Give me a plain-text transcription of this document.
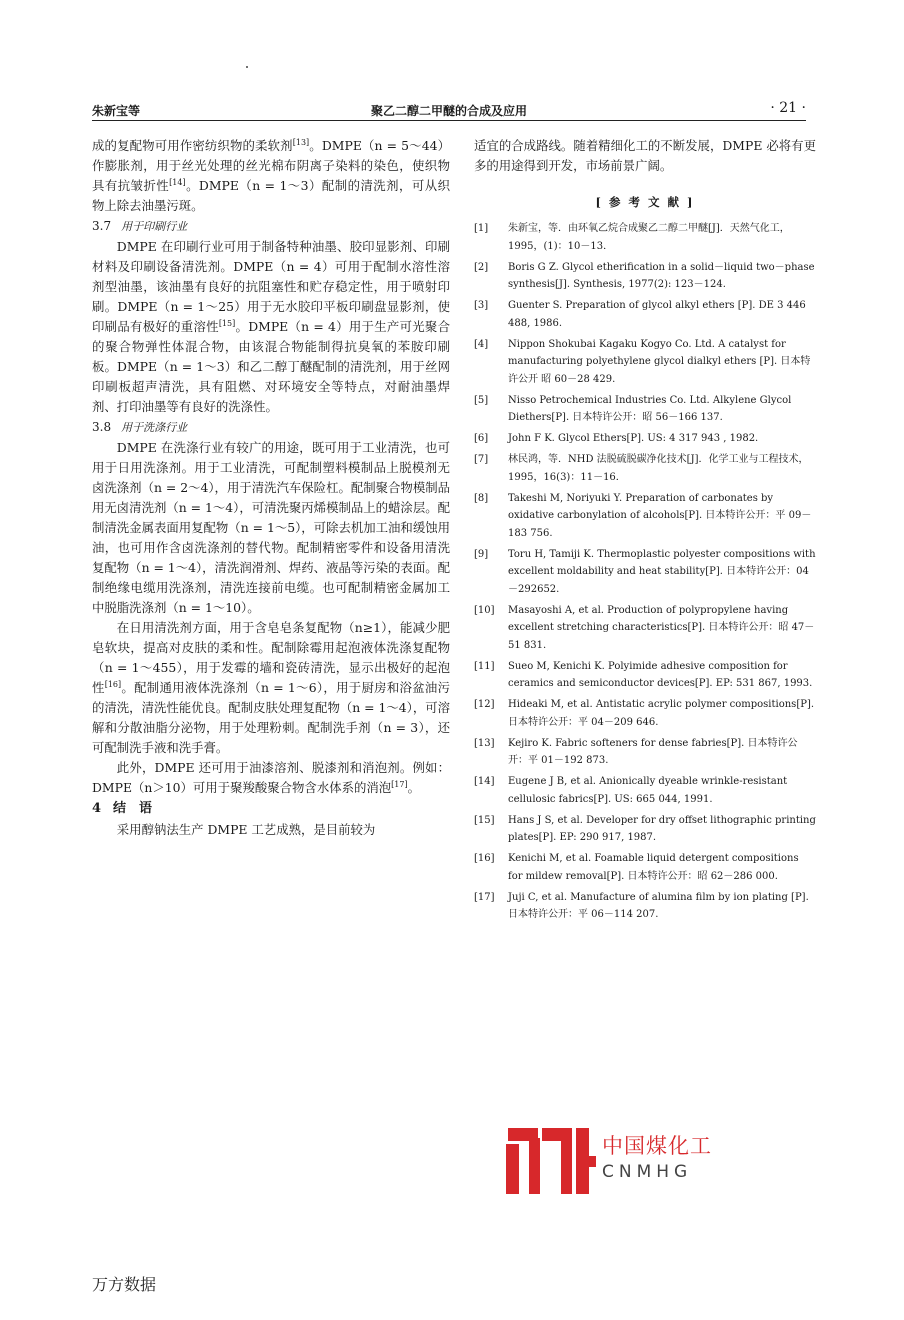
朱新宝等	聚乙二醇二甲醚的合成及应用	· 21 ·

成的复配物可用作密纺织物的柔软剂[13]。DMPE（n = 5～44）作膨胀剂，用于丝光处理的丝光棉布阴离子染料的染色，使织物具有抗皱折性[14]。DMPE（n = 1～3）配制的清洗剂，可从织物上除去油墨污斑。

3.7 用于印刷行业

DMPE 在印刷行业可用于制备特种油墨、胶印显影剂、印刷材料及印刷设备清洗剂。DMPE（n = 4）可用于配制水溶性溶剂型油墨，该油墨有良好的抗阻塞性和贮存稳定性，用于喷射印刷。DMPE（n = 1～25）用于无水胶印平板印刷盘显影剂，使印刷品有极好的重溶性[15]。DMPE（n = 4）用于生产可光聚合的聚合物弹性体混合物，由该混合物能制得抗臭氧的苯胺印刷板。DMPE（n = 1～3）和乙二醇丁醚配制的清洗剂，用于丝网印刷板超声清洗，具有阻燃、对环境安全等特点，对耐油墨焊剂、打印油墨等有良好的洗涤性。

3.8 用于洗涤行业

DMPE 在洗涤行业有较广的用途，既可用于工业清洗，也可用于日用洗涤剂。用于工业清洗，可配制塑料模制品上脱模剂无卤洗涤剂（n = 2～4），用于清洗汽车保险杠。配制聚合物模制品用无卤清洗剂（n = 1～4），可清洗聚丙烯模制品上的蜡涂层。配制清洗金属表面用复配物（n = 1～5），可除去机加工油和缓蚀用油，也可用作含卤洗涤剂的替代物。配制精密零件和设备用清洗复配物（n = 1～4），清洗润滑剂、焊药、液晶等污染的表面。配制绝缘电缆用洗涤剂，清洗连接前电缆。也可配制精密金属加工中脱脂洗涤剂（n = 1～10）。

在日用清洗剂方面，用于含皂皂条复配物（n≥1），能减少肥皂软块，提高对皮肤的柔和性。配制除霉用起泡液体洗涤复配物（n = 1～455），用于发霉的墙和瓷砖清洗，显示出极好的起泡性[16]。配制通用液体洗涤剂（n = 1～6），用于厨房和浴盆油污的清洗，清洗性能优良。配制皮肤处理复配物（n = 1～4），可溶解和分散油脂分泌物，用于处理粉刺。配制洗手剂（n = 3），还可配制洗手液和洗手膏。

此外，DMPE 还可用于油漆溶剂、脱漆剂和消泡剂。例如：DMPE（n＞10）可用于聚羧酸聚合物含水体系的消泡[17]。

4 结　语

采用醇钠法生产 DMPE 工艺成熟，是目前较为

适宜的合成路线。随着精细化工的不断发展，DMPE 必将有更多的用途得到开发，市场前景广阔。

[ 参 考 文 献 ]
[1]	朱新宝，等．由环氧乙烷合成聚乙二醇二甲醚[J]．天然气化工，1995，(1)：10－13．
[2]	Boris G Z. Glycol etherification in a solid－liquid two－phase synthesis[J]. Synthesis, 1977(2): 123－124.
[3]	Guenter S. Preparation of glycol alkyl ethers [P]. DE 3 446 488, 1986.
[4]	Nippon Shokubai Kagaku Kogyo Co. Ltd. A catalyst for manufacturing polyethylene glycol dialkyl ethers [P]. 日本特许公开 昭 60－28 429.
[5]	Nisso Petrochemical Industries Co. Ltd. Alkylene Glycol Diethers[P]. 日本特许公开：昭 56－166 137.
[6]	John F K. Glycol Ethers[P]. US: 4 317 943 , 1982.
[7]	林民鸿，等．NHD 法脱硫脱碳净化技术[J]．化学工业与工程技术，1995，16(3)：11－16．
[8]	Takeshi M, Noriyuki Y. Preparation of carbonates by oxidative carbonylation of alcohols[P]. 日本特许公开：平 09－183 756.
[9]	Toru H, Tamiji K. Thermoplastic polyester compositions with excellent moldability and heat stability[P]. 日本特许公开：04－292652.
[10]	Masayoshi A, et al. Production of polypropylene having excellent stretching characteristics[P]. 日本特许公开：昭 47－51 831.
[11]	Sueo M, Kenichi K. Polyimide adhesive composition for ceramics and semiconductor devices[P]. EP: 531 867, 1993.
[12]	Hideaki M, et al. Antistatic acrylic polymer compositions[P]. 日本特许公开：平 04－209 646.
[13]	Kejiro K. Fabric softeners for dense fabries[P]. 日本特许公开：平 01－192 873.
[14]	Eugene J B, et al. Anionically dyeable wrinkle-resistant cellulosic fabrics[P]. US: 665 044, 1991.
[15]	Hans J S, et al. Developer for dry offset lithographic printing plates[P]. EP: 290 917, 1987.
[16]	Kenichi M, et al. Foamable liquid detergent compositions for mildew removal[P]. 日本特许公开：昭 62－286 000.
[17]	Juji C, et al. Manufacture of alumina film by ion plating [P]. 日本特许公开：平 06－114 207.
中国煤化工
CNMHG
万方数据
